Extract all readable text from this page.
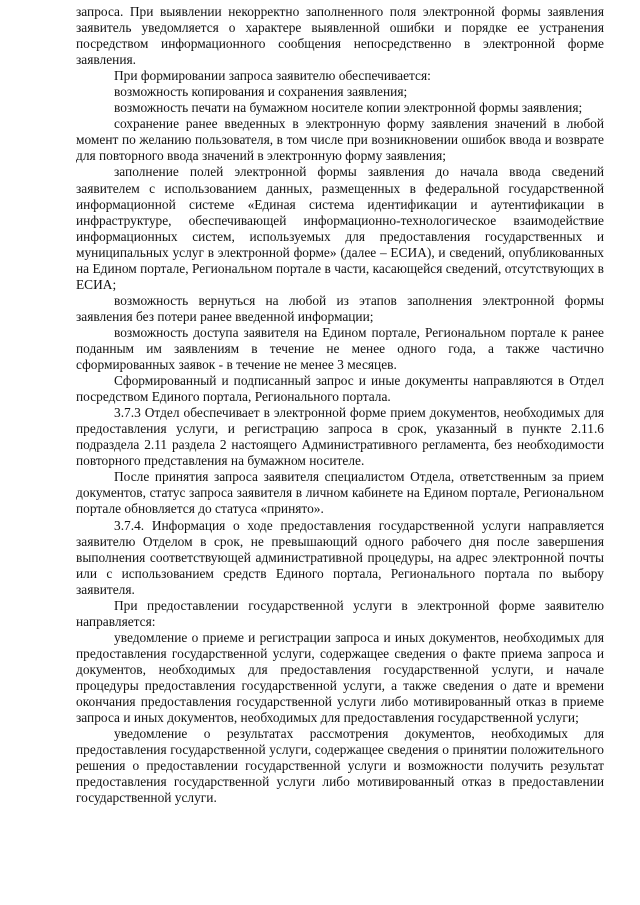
запроса. При выявлении некорректно заполненного поля электронной формы заявления заявитель уведомляется о характере выявленной ошибки и порядке ее устранения посредством информационного сообщения непосредственно в электронной форме заявления.

При формировании запроса заявителю обеспечивается:

возможность копирования и сохранения заявления;

возможность печати на бумажном носителе копии электронной формы заявления;

сохранение ранее введенных в электронную форму заявления значений в любой момент по желанию пользователя, в том числе при возникновении ошибок ввода и возврате для повторного ввода значений в электронную форму заявления;

заполнение полей электронной формы заявления до начала ввода сведений заявителем с использованием данных, размещенных в федеральной государственной информационной системе «Единая система идентификации и аутентификации в инфраструктуре, обеспечивающей информационно-технологическое взаимодействие информационных систем, используемых для предоставления государственных и муниципальных услуг в электронной форме» (далее – ЕСИА), и сведений, опубликованных на Едином портале, Региональном портале в части, касающейся сведений, отсутствующих в ЕСИА;

возможность вернуться на любой из этапов заполнения электронной формы заявления без потери ранее введенной информации;

возможность доступа заявителя на Едином портале, Региональном портале к ранее поданным им заявлениям в течение не менее одного года, а также частично сформированных заявок - в течение не менее 3 месяцев.

Сформированный и подписанный запрос и иные документы направляются в Отдел посредством Единого портала, Регионального портала.

3.7.3 Отдел обеспечивает в электронной форме прием документов, необходимых для предоставления услуги, и регистрацию запроса в срок, указанный в пункте 2.11.6 подраздела 2.11 раздела 2 настоящего Административного регламента, без необходимости повторного представления на бумажном носителе.

После принятия запроса заявителя специалистом Отдела, ответственным за прием документов, статус запроса заявителя в личном кабинете на Едином портале, Региональном портале обновляется до статуса «принято».

3.7.4. Информация о ходе предоставления государственной услуги направляется заявителю Отделом в срок, не превышающий одного рабочего дня после завершения выполнения соответствующей административной процедуры, на адрес электронной почты или с использованием средств Единого портала, Регионального портала по выбору заявителя.

При предоставлении государственной услуги в электронной форме заявителю направляется:

уведомление о приеме и регистрации запроса и иных документов, необходимых для предоставления государственной услуги, содержащее сведения о факте приема запроса и документов, необходимых для предоставления государственной услуги, и начале процедуры предоставления государственной услуги, а также сведения о дате и времени окончания предоставления государственной услуги либо мотивированный отказ в приеме запроса и иных документов, необходимых для предоставления государственной услуги;

уведомление о результатах рассмотрения документов, необходимых для предоставления государственной услуги, содержащее сведения о принятии положительного решения о предоставлении государственной услуги и возможности получить результат предоставления государственной услуги либо мотивированный отказ в предоставлении государственной услуги.
